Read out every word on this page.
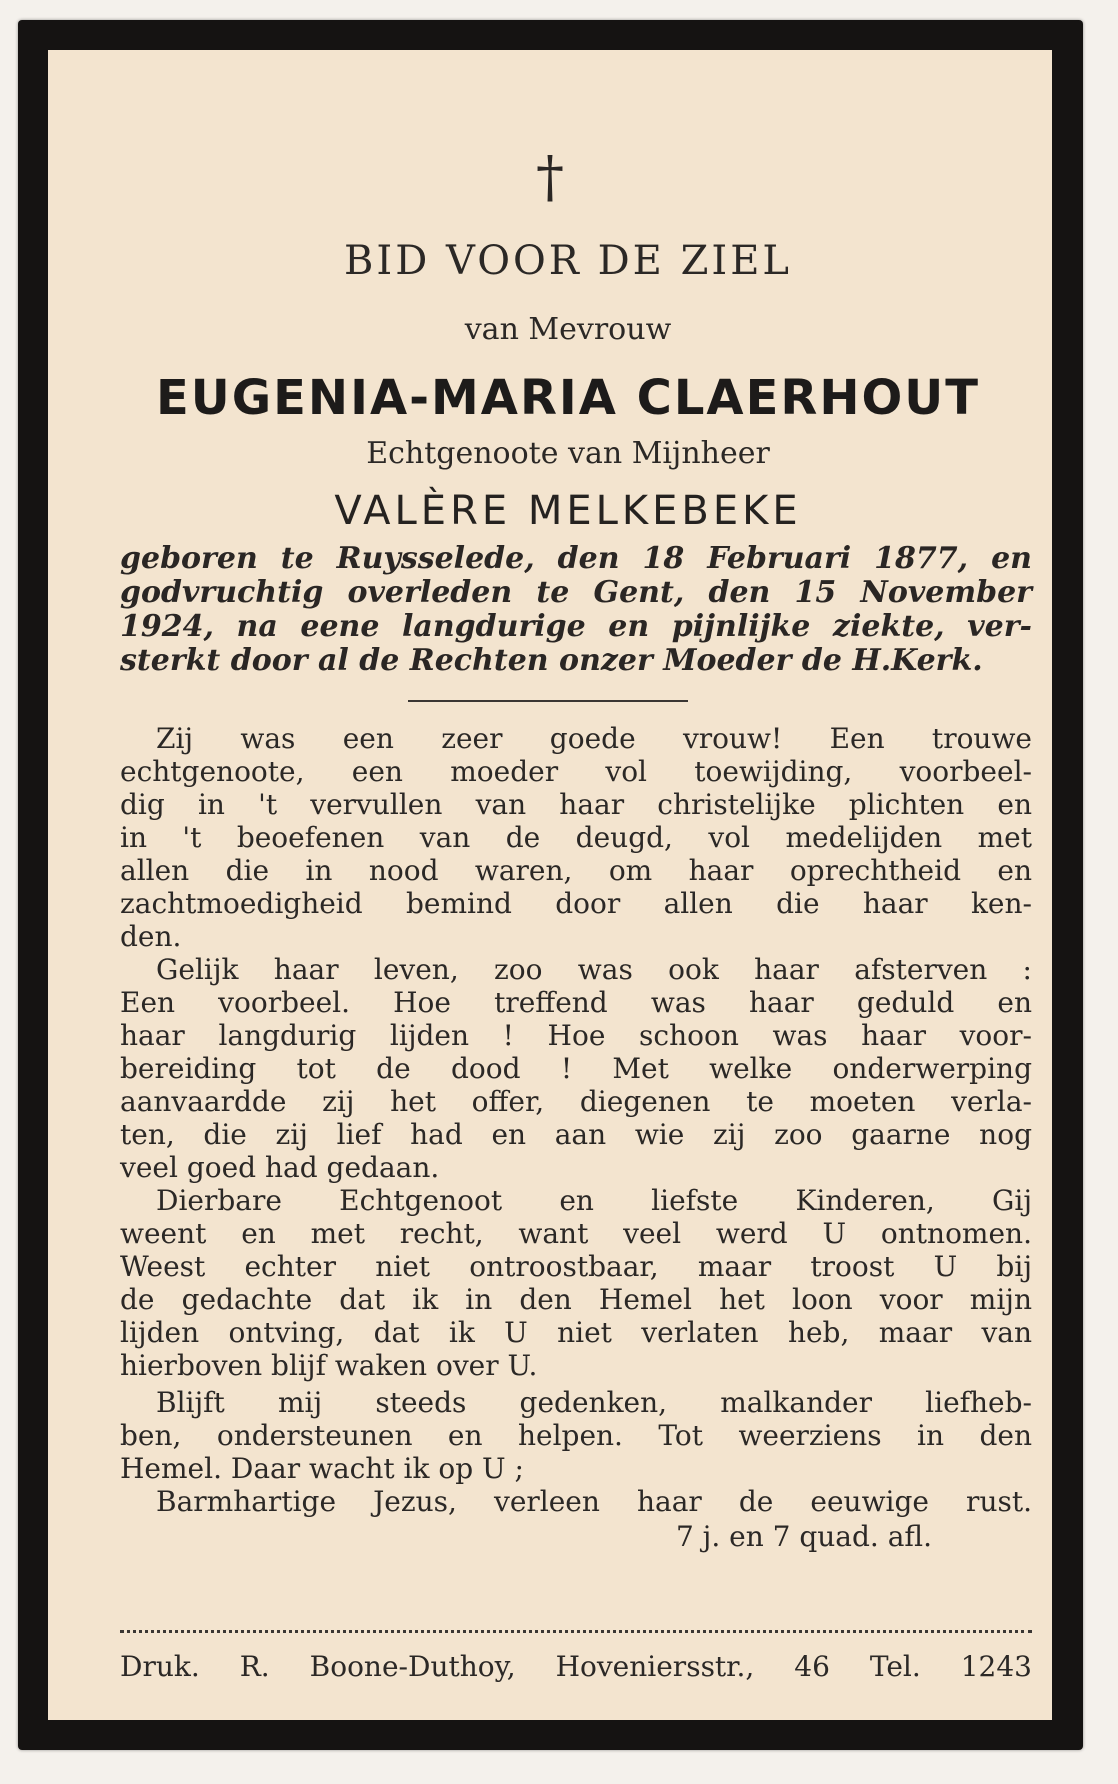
†
BID VOOR DE ZIEL
van Mevrouw
EUGENIA-MARIA CLAERHOUT
Echtgenoote van Mijnheer
VALÈRE MELKEBEKE
geboren te Ruysselede, den 18 Februari 1877, en
godvruchtig overleden te Gent, den 15 November
1924, na eene langdurige en pijnlijke ziekte, ver-
sterkt door al de Rechten onzer Moeder de H.Kerk.
Zij was een zeer goede vrouw! Een trouwe
echtgenoote, een moeder vol toewijding, voorbeel-
dig in 't vervullen van haar christelijke plichten en
in 't beoefenen van de deugd, vol medelijden met
allen die in nood waren, om haar oprechtheid en
zachtmoedigheid bemind door allen die haar ken-
den.
Gelijk haar leven, zoo was ook haar afsterven :
Een voorbeel. Hoe treffend was haar geduld en
haar langdurig lijden ! Hoe schoon was haar voor-
bereiding tot de dood ! Met welke onderwerping
aanvaardde zij het offer, diegenen te moeten verla-
ten, die zij lief had en aan wie zij zoo gaarne nog
veel goed had gedaan.
Dierbare Echtgenoot en liefste Kinderen, Gij
weent en met recht, want veel werd U ontnomen.
Weest echter niet ontroostbaar, maar troost U bij
de gedachte dat ik in den Hemel het loon voor mijn
lijden ontving, dat ik U niet verlaten heb, maar van
hierboven blijf waken over U.
Blijft mij steeds gedenken, malkander liefheb-
ben, ondersteunen en helpen. Tot weerziens in den
Hemel. Daar wacht ik op U ;
Barmhartige Jezus, verleen haar de eeuwige rust.
7 j. en 7 quad. afl.
Druk. R. Boone-Duthoy, Hoveniersstr., 46 Tel. 1243
